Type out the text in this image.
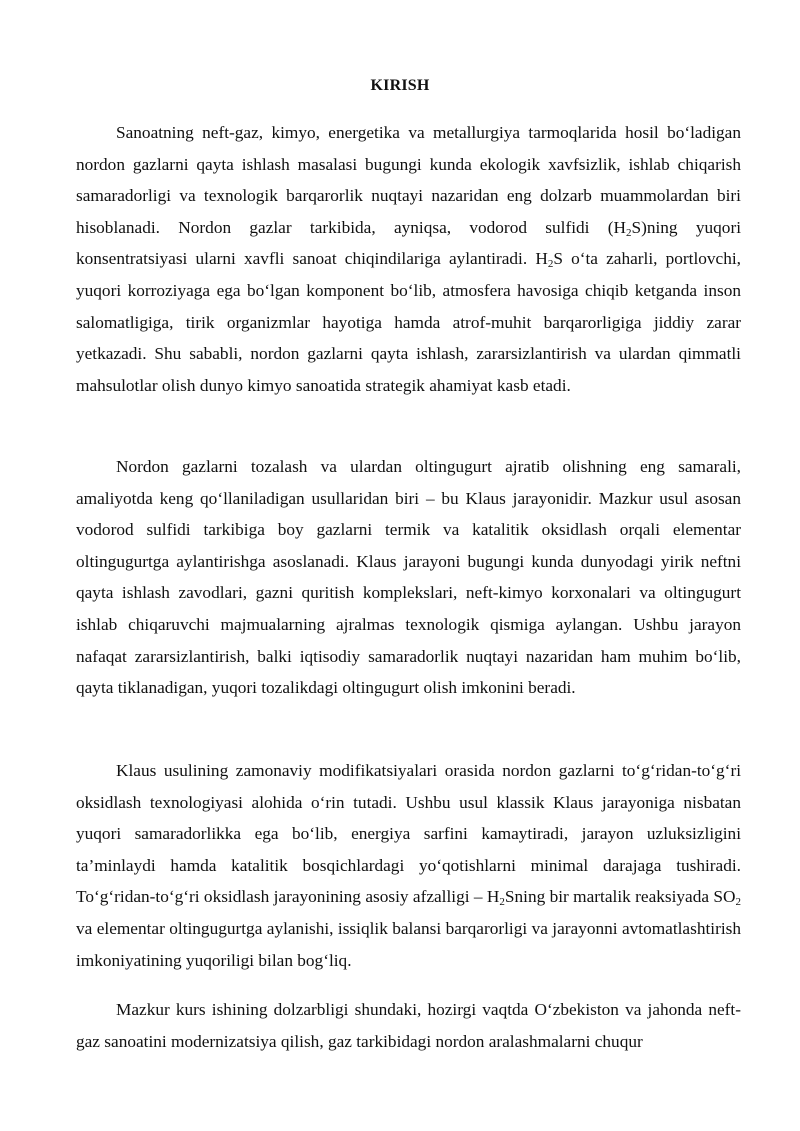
KIRISH

Sanoatning neft-gaz, kimyo, energetika va metallurgiya tarmoqlarida hosil bo‘ladigan nordon gazlarni qayta ishlash masalasi bugungi kunda ekologik xavfsizlik, ishlab chiqarish samaradorligi va texnologik barqarorlik nuqtayi nazaridan eng dolzarb muammolardan biri hisoblanadi. Nordon gazlar tarkibida, ayniqsa, vodorod sulfidi $(H_2S)ning$ yuqori konsentratsiyasi ularni xavfli sanoat chiqindilariga aylantiradi. $H_2S$ o‘ta zaharli, portlovchi, yuqori korroziyaga ega bo‘lgan komponent bo‘lib, atmosfera havosiga chiqib ketganda inson salomatligiga, tirik organizmlar hayotiga hamda atrof-muhit barqarorligiga jiddiy zarar yetkazadi. Shu sababli, nordon gazlarni qayta ishlash, zararsizlantirish va ulardan qimmatli mahsulotlar olish dunyo kimyo sanoatida strategik ahamiyat kasb etadi.

Nordon gazlarni tozalash va ulardan oltingugurt ajratib olishning eng samarali, amaliyotda keng qo‘llaniladigan usullaridan biri – bu Klaus jarayonidir. Mazkur usul asosan vodorod sulfidi tarkibiga boy gazlarni termik va katalitik oksidlash orqali elementar oltingugurtga aylantirishga asoslanadi. Klaus jarayoni bugungi kunda dunyodagi yirik neftni qayta ishlash zavodlari, gazni quritish komplekslari, neft-kimyo korxonalari va oltingugurt ishlab chiqaruvchi majmualarning ajralmas texnologik qismiga aylangan. Ushbu jarayon nafaqat zararsizlantirish, balki iqtisodiy samaradorlik nuqtayi nazaridan ham muhim bo‘lib, qayta tiklanadigan, yuqori tozalikdagi oltingugurt olish imkonini beradi.

Klaus usulining zamonaviy modifikatsiyalari orasida nordon gazlarni to‘g‘ridan-to‘g‘ri oksidlash texnologiyasi alohida o‘rin tutadi. Ushbu usul klassik Klaus jarayoniga nisbatan yuqori samaradorlikka ega bo‘lib, energiya sarfini kamaytiradi, jarayon uzluksizligini ta’minlaydi hamda katalitik bosqichlardagi yo‘qotishlarni minimal darajaga tushiradi. To‘g‘ridan-to‘g‘ri oksidlash jarayonining asosiy afzalligi – $H_2Sning$ bir martalik reaksiyada $SO_2$ va elementar oltingugurtga aylanishi, issiqlik balansi barqarorligi va jarayonni avtomatlashtirish imkoniyatining yuqoriligi bilan bog‘liq.

Mazkur kurs ishining dolzarbligi shundaki, hozirgi vaqtda O‘zbekiston va jahonda neft-gaz sanoatini modernizatsiya qilish, gaz tarkibidagi nordon aralashmalarni chuqur
